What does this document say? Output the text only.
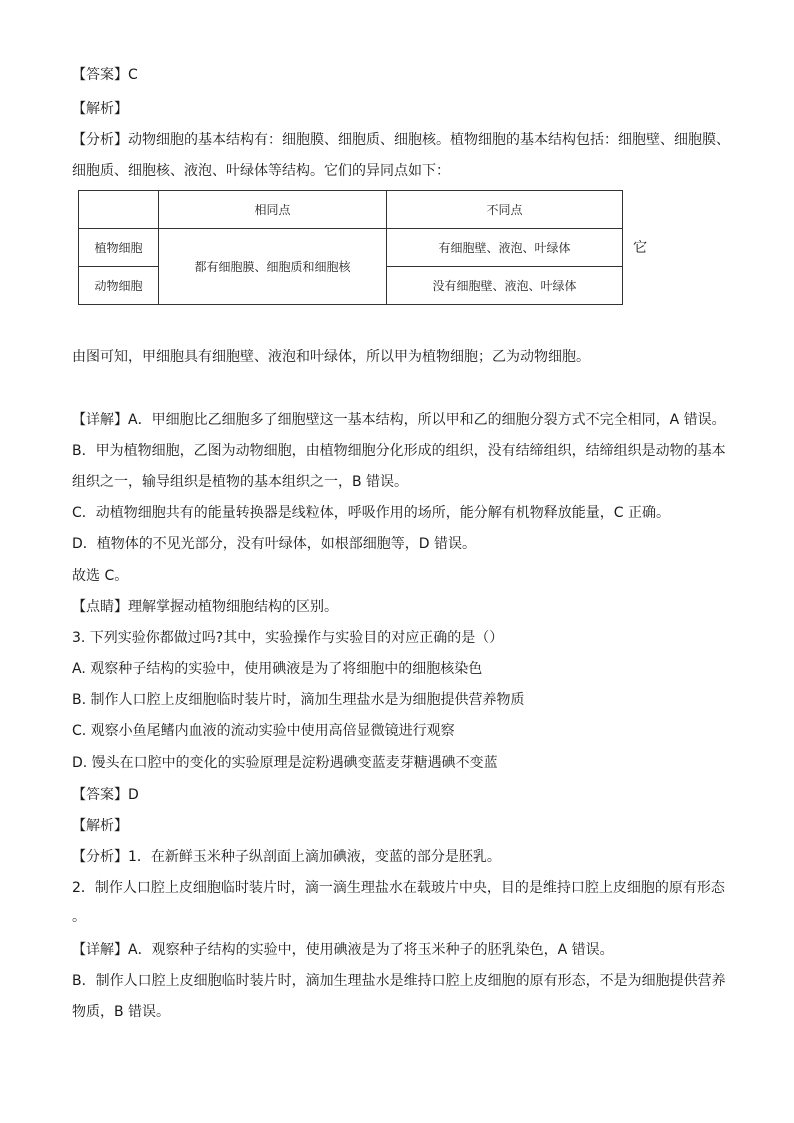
【答案】C
【解析】
【分析】动物细胞的基本结构有：细胞膜、细胞质、细胞核。植物细胞的基本结构包括：细胞壁、细胞膜、
细胞质、细胞核、液泡、叶绿体等结构。它们的异同点如下：
	相同点	不同点
植物细胞	都有细胞膜、细胞质和细胞核	有细胞壁、液泡、叶绿体
动物细胞		没有细胞壁、液泡、叶绿体
它
由图可知，甲细胞具有细胞壁、液泡和叶绿体，所以甲为植物细胞；乙为动物细胞。
【详解】A．甲细胞比乙细胞多了细胞壁这一基本结构，所以甲和乙的细胞分裂方式不完全相同，A 错误。
B．甲为植物细胞，乙图为动物细胞，由植物细胞分化形成的组织，没有结缔组织，结缔组织是动物的基本
组织之一，输导组织是植物的基本组织之一，B 错误。
C．动植物细胞共有的能量转换器是线粒体，呼吸作用的场所，能分解有机物释放能量，C 正确。
D．植物体的不见光部分，没有叶绿体，如根部细胞等，D 错误。
故选 C。
【点睛】理解掌握动植物细胞结构的区别。
3. 下列实验你都做过吗?其中，实验操作与实验目的对应正确的是（）
A. 观察种子结构的实验中，使用碘液是为了将细胞中的细胞核染色
B. 制作人口腔上皮细胞临时装片时，滴加生理盐水是为细胞提供营养物质
C. 观察小鱼尾鳍内血液的流动实验中使用高倍显微镜进行观察
D. 馒头在口腔中的变化的实验原理是淀粉遇碘变蓝麦芽糖遇碘不变蓝
【答案】D
【解析】
【分析】1．在新鲜玉米种子纵剖面上滴加碘液，变蓝的部分是胚乳。
2．制作人口腔上皮细胞临时装片时，滴一滴生理盐水在载玻片中央，目的是维持口腔上皮细胞的原有形态
。
【详解】A．观察种子结构的实验中，使用碘液是为了将玉米种子的胚乳染色，A 错误。
B．制作人口腔上皮细胞临时装片时，滴加生理盐水是维持口腔上皮细胞的原有形态，不是为细胞提供营养
物质，B 错误。
